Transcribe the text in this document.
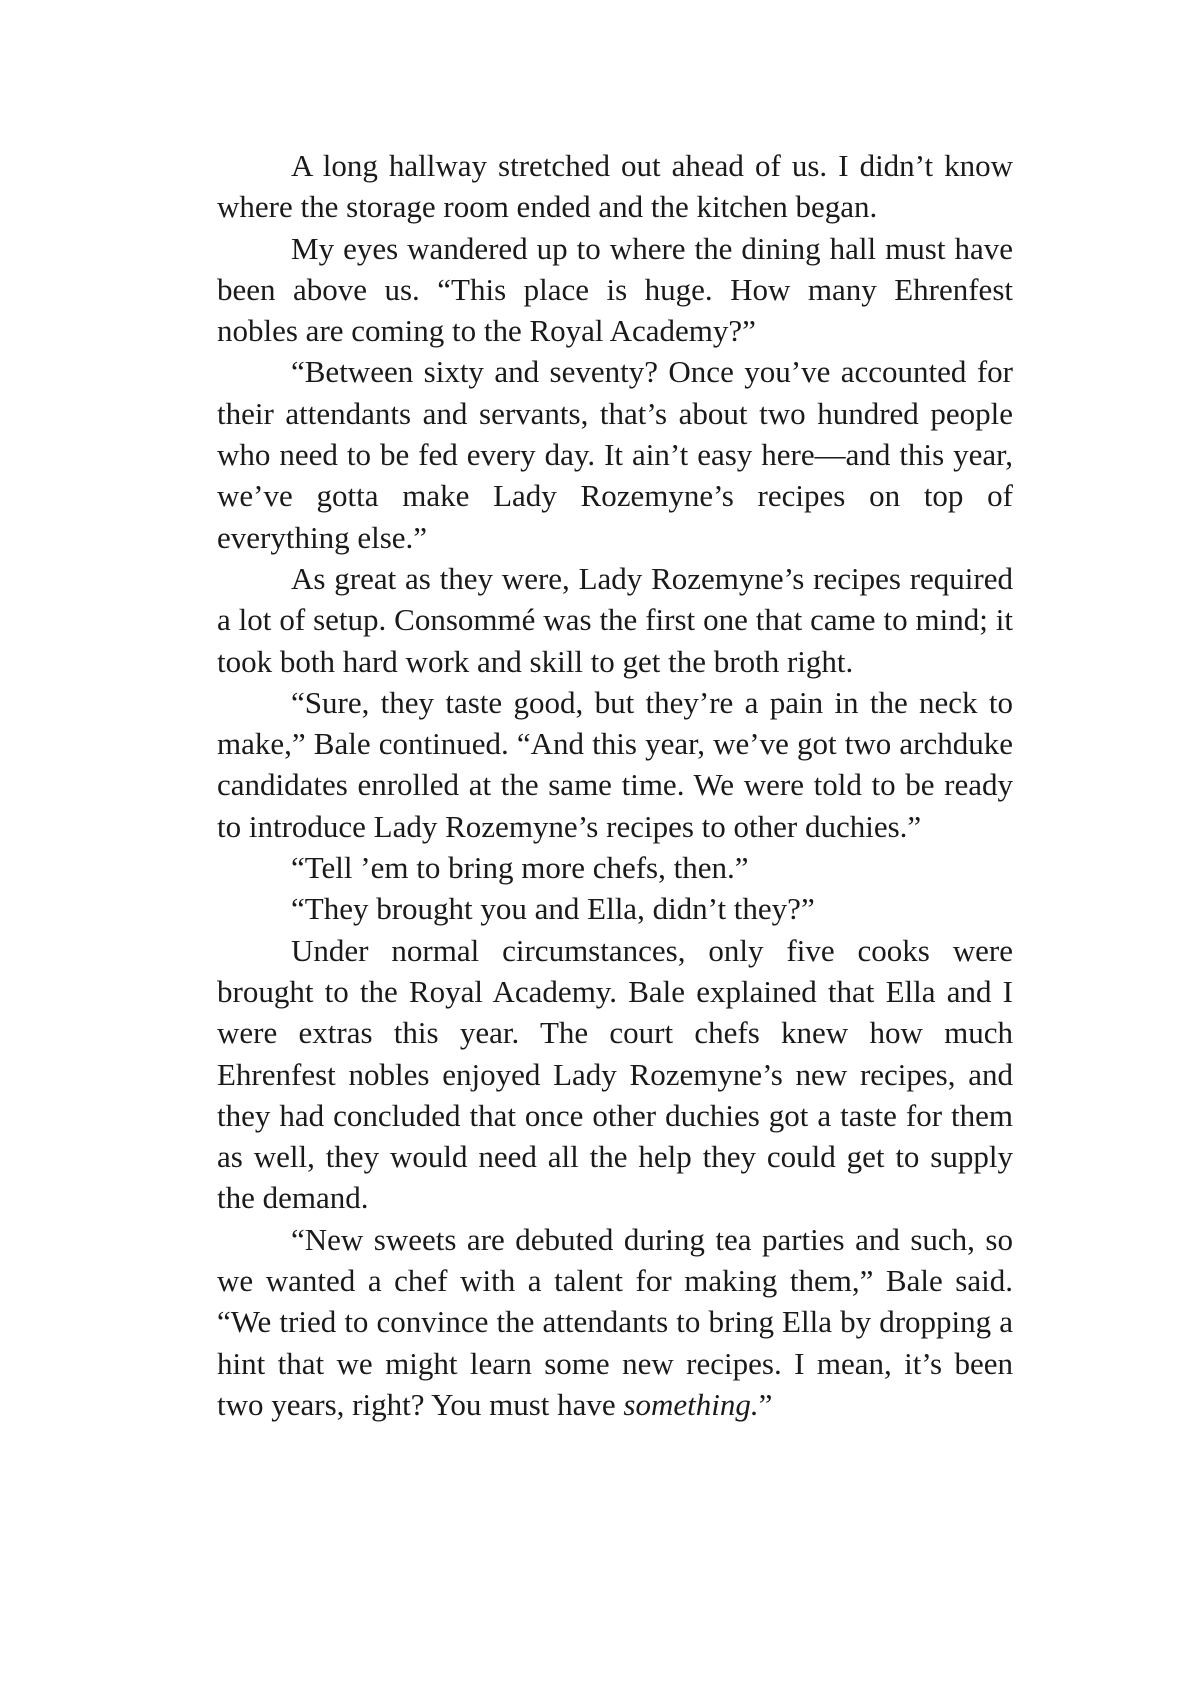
A long hallway stretched out ahead of us. I didn’t know where the storage room ended and the kitchen began.

My eyes wandered up to where the dining hall must have been above us. “This place is huge. How many Ehrenfest nobles are coming to the Royal Academy?”

“Between sixty and seventy? Once you’ve accounted for their attendants and servants, that’s about two hundred people who need to be fed every day. It ain’t easy here—and this year, we’ve gotta make Lady Rozemyne’s recipes on top of everything else.”

As great as they were, Lady Rozemyne’s recipes required a lot of setup. Consommé was the first one that came to mind; it took both hard work and skill to get the broth right.

“Sure, they taste good, but they’re a pain in the neck to make,” Bale continued. “And this year, we’ve got two archduke candidates enrolled at the same time. We were told to be ready to introduce Lady Rozemyne’s recipes to other duchies.”

“Tell ’em to bring more chefs, then.”

“They brought you and Ella, didn’t they?”

Under normal circumstances, only five cooks were brought to the Royal Academy. Bale explained that Ella and I were extras this year. The court chefs knew how much Ehrenfest nobles enjoyed Lady Rozemyne’s new recipes, and they had concluded that once other duchies got a taste for them as well, they would need all the help they could get to supply the demand.

“New sweets are debuted during tea parties and such, so we wanted a chef with a talent for making them,” Bale said. “We tried to convince the attendants to bring Ella by dropping a hint that we might learn some new recipes. I mean, it’s been two years, right? You must have something.”
